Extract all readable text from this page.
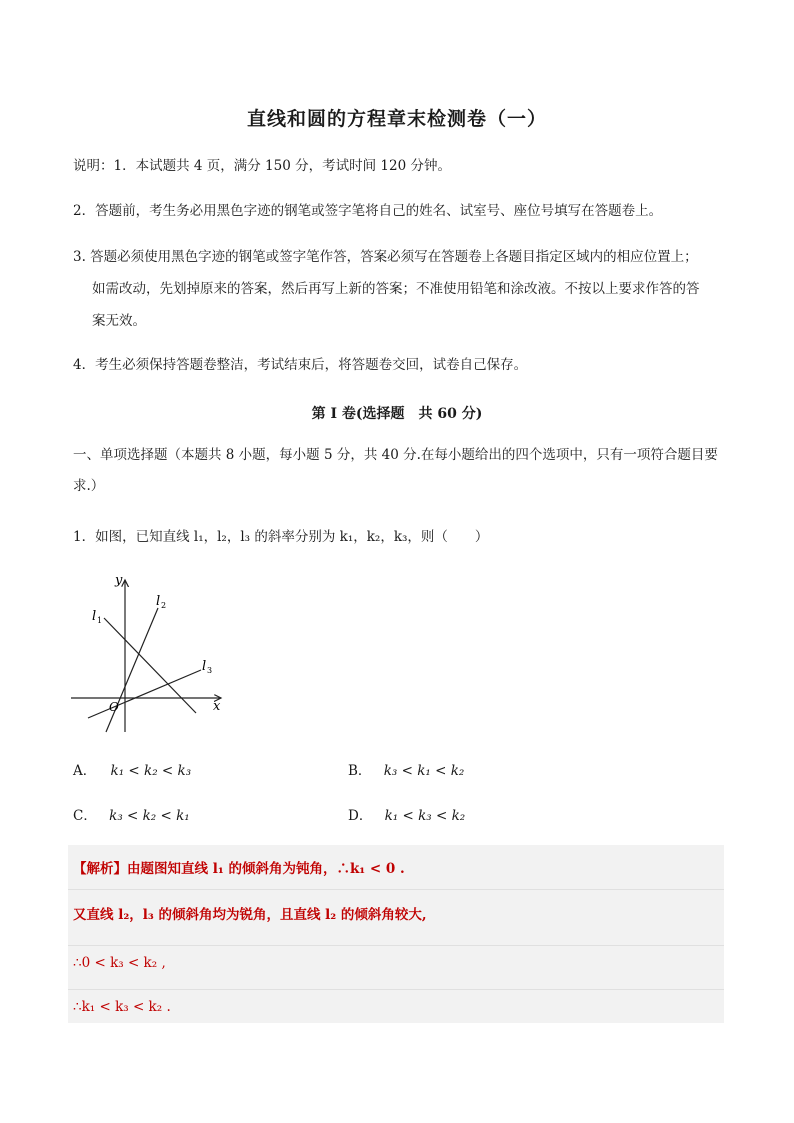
直线和圆的方程章末检测卷（一）
说明：1．本试题共 4 页，满分 150 分，考试时间 120 分钟。
2．答题前，考生务必用黑色字迹的钢笔或签字笔将自己的姓名、试室号、座位号填写在答题卷上。
3. 答题必须使用黑色字迹的钢笔或签字笔作答，答案必须写在答题卷上各题目指定区域内的相应位置上；
如需改动，先划掉原来的答案，然后再写上新的答案；不准使用铅笔和涂改液。不按以上要求作答的答
案无效。
4．考生必须保持答题卷整洁，考试结束后，将答题卷交回，试卷自己保存。
第 I 卷(选择题　共 60 分)
一、单项选择题（本题共 8 小题，每小题 5 分，共 40 分.在每小题给出的四个选项中，只有一项符合题目要
求.）
1．如图，已知直线 l₁，l₂，l₃ 的斜率分别为 k₁，k₂，k₃，则（　　）
y
x
O
l 1
l 2
l 3
A． k₁ < k₂ < k₃	B． k₃ < k₁ < k₂
C． k₃ < k₂ < k₁	D． k₁ < k₃ < k₂
【解析】由题图知直线 l₁ 的倾斜角为钝角，∴k₁ < 0 .
又直线 l₂，l₃ 的倾斜角均为锐角，且直线 l₂ 的倾斜角较大,
∴0 < k₃ < k₂ ,
∴k₁ < k₃ < k₂ .
